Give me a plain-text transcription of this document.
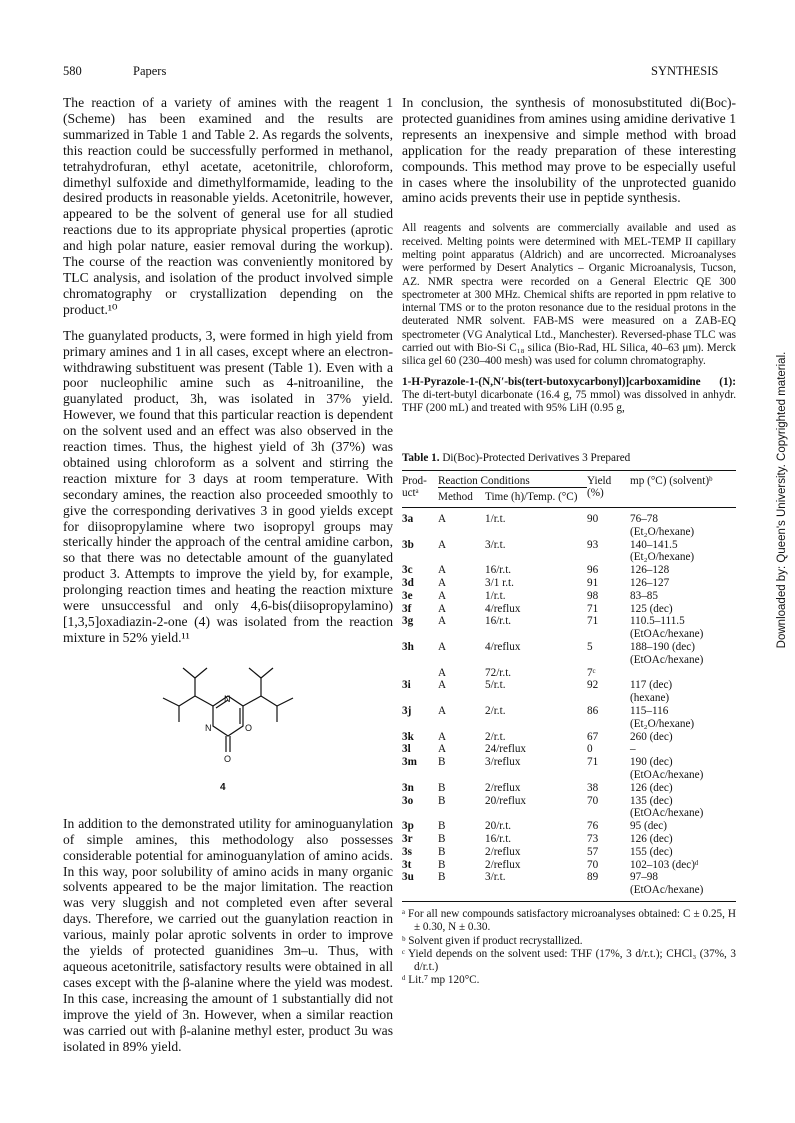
580	Papers	SYNTHESIS

The reaction of a variety of amines with the reagent 1 (Scheme) has been examined and the results are summarized in Table 1 and Table 2. As regards the solvents, this reaction could be successfully performed in methanol, tetrahydrofuran, ethyl acetate, acetonitrile, chloroform, dimethyl sulfoxide and dimethylformamide, leading to the desired products in reasonable yields. Acetonitrile, however, appeared to be the solvent of general use for all studied reactions due to its appropriate physical properties (aprotic and high polar nature, easier removal during the workup). The course of the reaction was conveniently monitored by TLC analysis, and isolation of the product involved simple chromatography or crystallization depending on the product.¹⁰

The guanylated products, 3, were formed in high yield from primary amines and 1 in all cases, except where an electron-withdrawing substituent was present (Table 1). Even with a poor nucleophilic amine such as 4-nitroaniline, the guanylated product, 3h, was isolated in 37% yield. However, we found that this particular reaction is dependent on the solvent used and an effect was also observed in the reaction times. Thus, the highest yield of 3h (37%) was obtained using chloroform as a solvent and stirring the reaction mixture for 3 days at room temperature. With secondary amines, the reaction also proceeded smoothly to give the corresponding derivatives 3 in good yields except for diisopropylamine where two isopropyl groups may sterically hinder the approach of the central amidine carbon, so that there was no detectable amount of the guanylated product 3. Attempts to improve the yield by, for example, prolonging reaction times and heating the reaction mixture were unsuccessful and only 4,6-bis(diisopropylamino)[1,3,5]oxadiazin-2-one (4) was isolated from the reaction mixture in 52% yield.¹¹

N	O
O
N
4

In addition to the demonstrated utility for aminoguanylation of simple amines, this methodology also possesses considerable potential for aminoguanylation of amino acids. In this way, poor solubility of amino acids in many organic solvents appeared to be the major limitation. The reaction was very sluggish and not completed even after several days. Therefore, we carried out the guanylation reaction in various, mainly polar aprotic solvents in order to improve the yields of protected guanidines 3m–u. Thus, with aqueous acetonitrile, satisfactory results were obtained in all cases except with the β-alanine where the yield was modest. In this case, increasing the amount of 1 substantially did not improve the yield of 3n. However, when a similar reaction was carried out with β-alanine methyl ester, product 3u was isolated in 89% yield.

In conclusion, the synthesis of monosubstituted di(Boc)-protected guanidines from amines using amidine derivative 1 represents an inexpensive and simple method with broad application for the ready preparation of these interesting compounds. This method may prove to be especially useful in cases where the insolubility of the unprotected guanido amino acids prevents their use in peptide synthesis.

All reagents and solvents are commercially available and used as received. Melting points were determined with MEL-TEMP II capillary melting point apparatus (Aldrich) and are uncorrected. Microanalyses were performed by Desert Analytics – Organic Microanalysis, Tucson, AZ. NMR spectra were recorded on a General Electric QE 300 spectrometer at 300 MHz. Chemical shifts are reported in ppm relative to internal TMS or to the proton resonance due to the residual protons in the deuterated NMR solvent. FAB-MS were measured on a ZAB-EQ spectrometer (VG Analytical Ltd., Manchester). Reversed-phase TLC was carried out with Bio-Si C₁₈ silica (Bio-Rad, HL Silica, 40–63 μm). Merck silica gel 60 (230–400 mesh) was used for column chromatography.

1-H-Pyrazole-1-(N,N′-bis(tert-butoxycarbonyl)]carboxamidine (1): The di-tert-butyl dicarbonate (16.4 g, 75 mmol) was dissolved in anhydr. THF (200 mL) and treated with 95% LiH (0.95 g,

Table 1. Di(Boc)-Protected Derivatives 3 Prepared
Prod-uctᵃ	Reaction Conditions		Yield (%)	mp (°C) (solvent)ᵇ
	Method	Time (h)/Temp. (°C)		

3a	A	1/r.t.	90	76–78
(Et₂O/hexane)

3b	A	3/r.t.	93	140–141.5
(Et₂O/hexane)

3c	A	16/r.t.	96	126–128

3d	A	3/1 r.t.	91	126–127

3e	A	1/r.t.	98	83–85

3f	A	4/reflux	71	125 (dec)

3g	A	16/r.t.	71	110.5–111.5
(EtOAc/hexane)

3h	A	4/reflux	5	188–190 (dec)
(EtOAc/hexane)

	A	72/r.t.	7ᶜ	

3i	A	5/r.t.	92	117 (dec)
(hexane)

3j	A	2/r.t.	86	115–116
(Et₂O/hexane)

3k	A	2/r.t.	67	260 (dec)

3l	A	24/reflux	0	–

3m	B	3/reflux	71	190 (dec)
(EtOAc/hexane)

3n	B	2/reflux	38	126 (dec)

3o	B	20/reflux	70	135 (dec)
(EtOAc/hexane)

3p	B	20/r.t.	76	95 (dec)

3r	B	16/r.t.	73	126 (dec)

3s	B	2/reflux	57	155 (dec)

3t	B	2/reflux	70	102–103 (dec)ᵈ

3u	B	3/r.t.	89	97–98
(EtOAc/hexane)

ᵃ For all new compounds satisfactory microanalyses obtained: C ± 0.25, H ± 0.30, N ± 0.30.

ᵇ Solvent given if product recrystallized.

ᶜ Yield depends on the solvent used: THF (17%, 3 d/r.t.); CHCl₃ (37%, 3 d/r.t.)

ᵈ Lit.⁷ mp 120°C.

Downloaded by: Queen's University. Copyrighted material.
